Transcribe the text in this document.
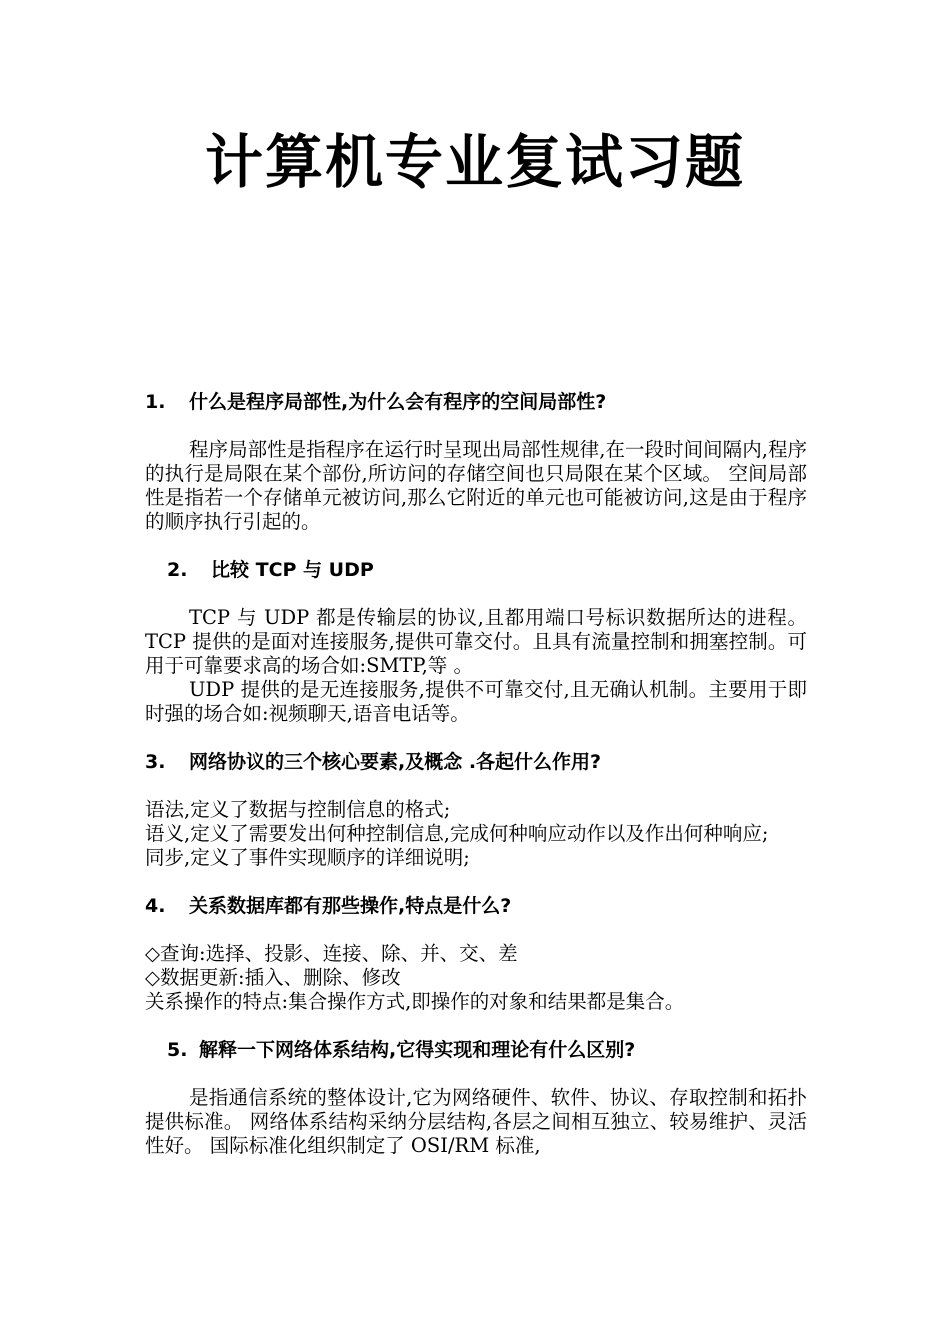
计算机专业复试习题
1. 什么是程序局部性,为什么会有程序的空间局部性?

程序局部性是指程序在运行时呈现出局部性规律,在一段时间间隔内,程序的执行是局限在某个部份,所访问的存储空间也只局限在某个区域。 空间局部性是指若一个存储单元被访问,那么它附近的单元也可能被访问,这是由于程序的顺序执行引起的。

2. 比较 TCP 与 UDP

TCP 与 UDP 都是传输层的协议,且都用端口号标识数据所达的进程。 TCP 提供的是面对连接服务,提供可靠交付。且具有流量控制和拥塞控制。可用于可靠要求高的场合如:SMTP,等 。

UDP 提供的是无连接服务,提供不可靠交付,且无确认机制。主要用于即时强的场合如:视频聊天,语音电话等。

3. 网络协议的三个核心要素,及概念 .各起什么作用?

语法,定义了数据与控制信息的格式;

语义,定义了需要发出何种控制信息,完成何种响应动作以及作出何种响应;

同步,定义了事件实现顺序的详细说明;

4. 关系数据库都有那些操作,特点是什么?

◇查询:选择、投影、连接、除、并、交、差

◇数据更新:插入、删除、修改

关系操作的特点:集合操作方式,即操作的对象和结果都是集合。

5. 解释一下网络体系结构,它得实现和理论有什么区别?

是指通信系统的整体设计,它为网络硬件、软件、协议、存取控制和拓扑提供标准。 网络体系结构采纳分层结构,各层之间相互独立、较易维护、灵活性好。 国际标准化组织制定了 OSI/RM 标准,
